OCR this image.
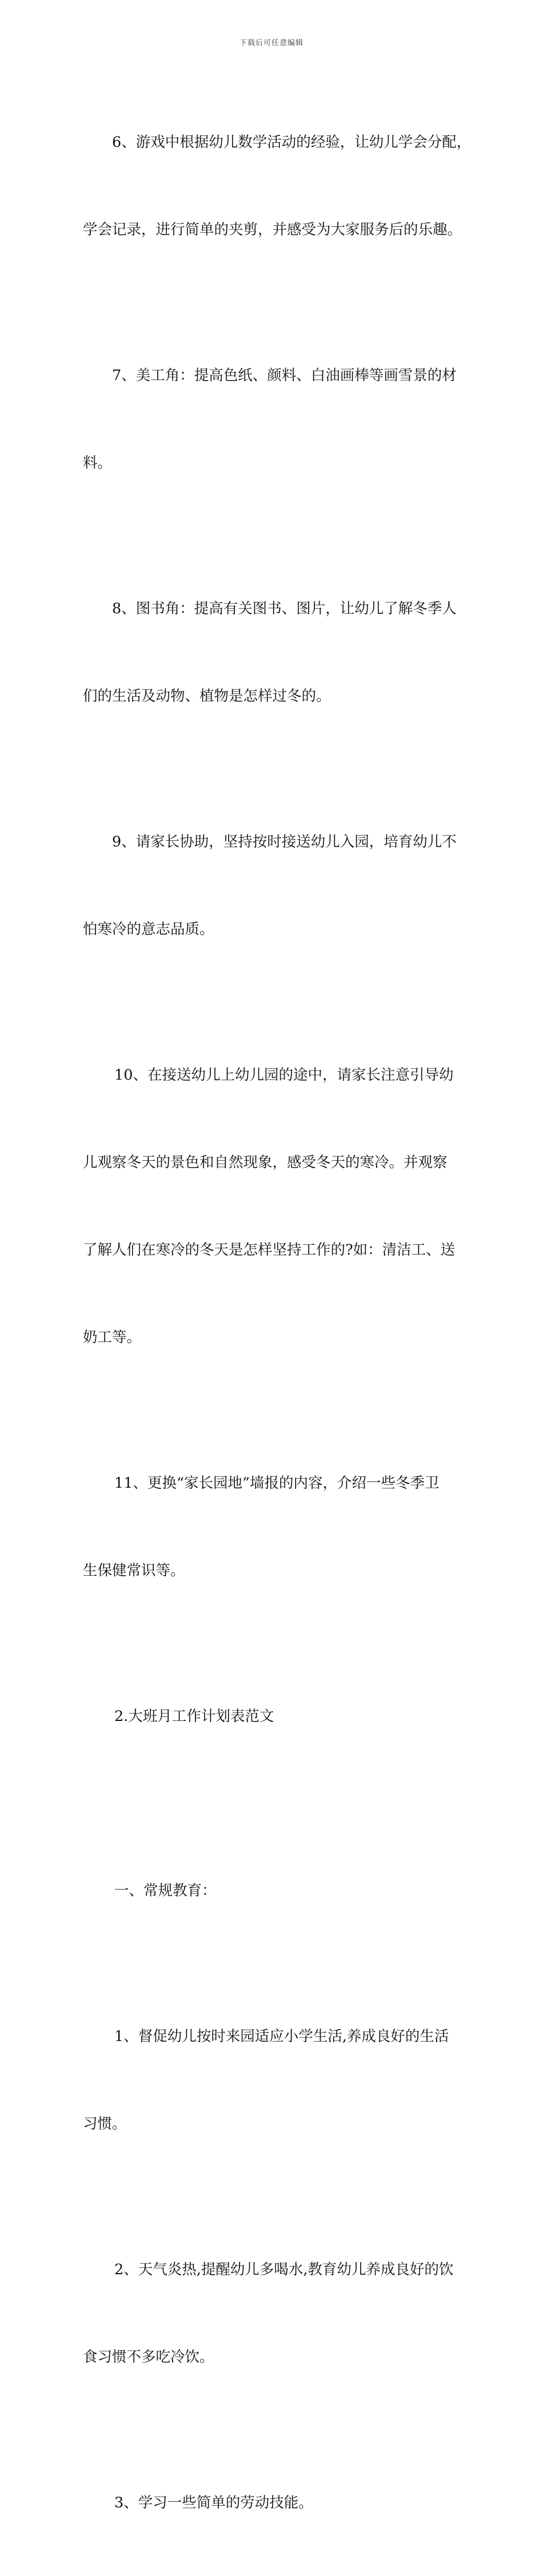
下载后可任意编辑

6、游戏中根据幼儿数学活动的经验，让幼儿学会分配，

学会记录，进行简单的夹剪，并感受为大家服务后的乐趣。

7、美工角：提高色纸、颜料、白油画棒等画雪景的材

料。

8、图书角：提高有关图书、图片，让幼儿了解冬季人

们的生活及动物、植物是怎样过冬的。

9、请家长协助，坚持按时接送幼儿入园，培育幼儿不

怕寒冷的意志品质。

10、在接送幼儿上幼儿园的途中，请家长注意引导幼

儿观察冬天的景色和自然现象，感受冬天的寒冷。并观察

了解人们在寒冷的冬天是怎样坚持工作的?如：清洁工、送

奶工等。

11、更换“家长园地”墙报的内容，介绍一些冬季卫

生保健常识等。

2.大班月工作计划表范文

一、常规教育：

1、督促幼儿按时来园适应小学生活,养成良好的生活

习惯。

2、天气炎热,提醒幼儿多喝水,教育幼儿养成良好的饮

食习惯不多吃冷饮。

3、学习一些简单的劳动技能。
